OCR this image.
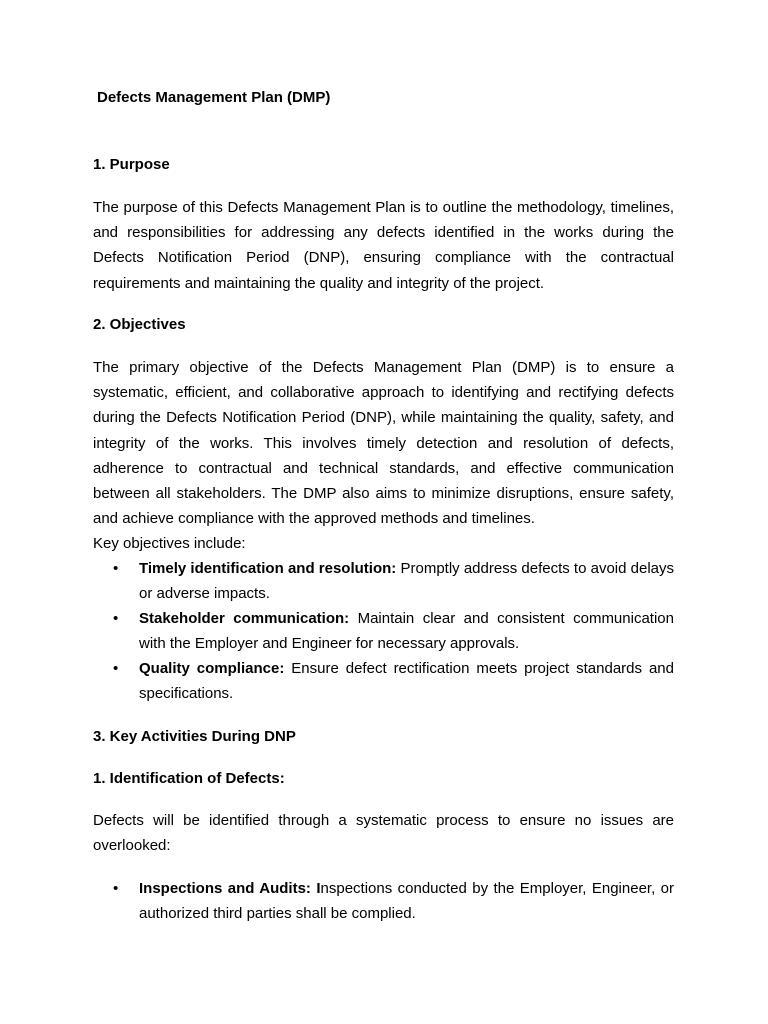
Defects Management Plan (DMP)
1. Purpose

The purpose of this Defects Management Plan is to outline the methodology, timelines, and responsibilities for addressing any defects identified in the works during the Defects Notification Period (DNP), ensuring compliance with the contractual requirements and maintaining the quality and integrity of the project.

2. Objectives

The primary objective of the Defects Management Plan (DMP) is to ensure a systematic, efficient, and collaborative approach to identifying and rectifying defects during the Defects Notification Period (DNP), while maintaining the quality, safety, and integrity of the works. This involves timely detection and resolution of defects, adherence to contractual and technical standards, and effective communication between all stakeholders. The DMP also aims to minimize disruptions, ensure safety, and achieve compliance with the approved methods and timelines.

Key objectives include:
• Timely identification and resolution: Promptly address defects to avoid delays or adverse impacts.
• Stakeholder communication: Maintain clear and consistent communication with the Employer and Engineer for necessary approvals.
• Quality compliance: Ensure defect rectification meets project standards and specifications.
3. Key Activities During DNP
1. Identification of Defects:

Defects will be identified through a systematic process to ensure no issues are overlooked:

• Inspections and Audits: Inspections conducted by the Employer, Engineer, or authorized third parties shall be complied.
